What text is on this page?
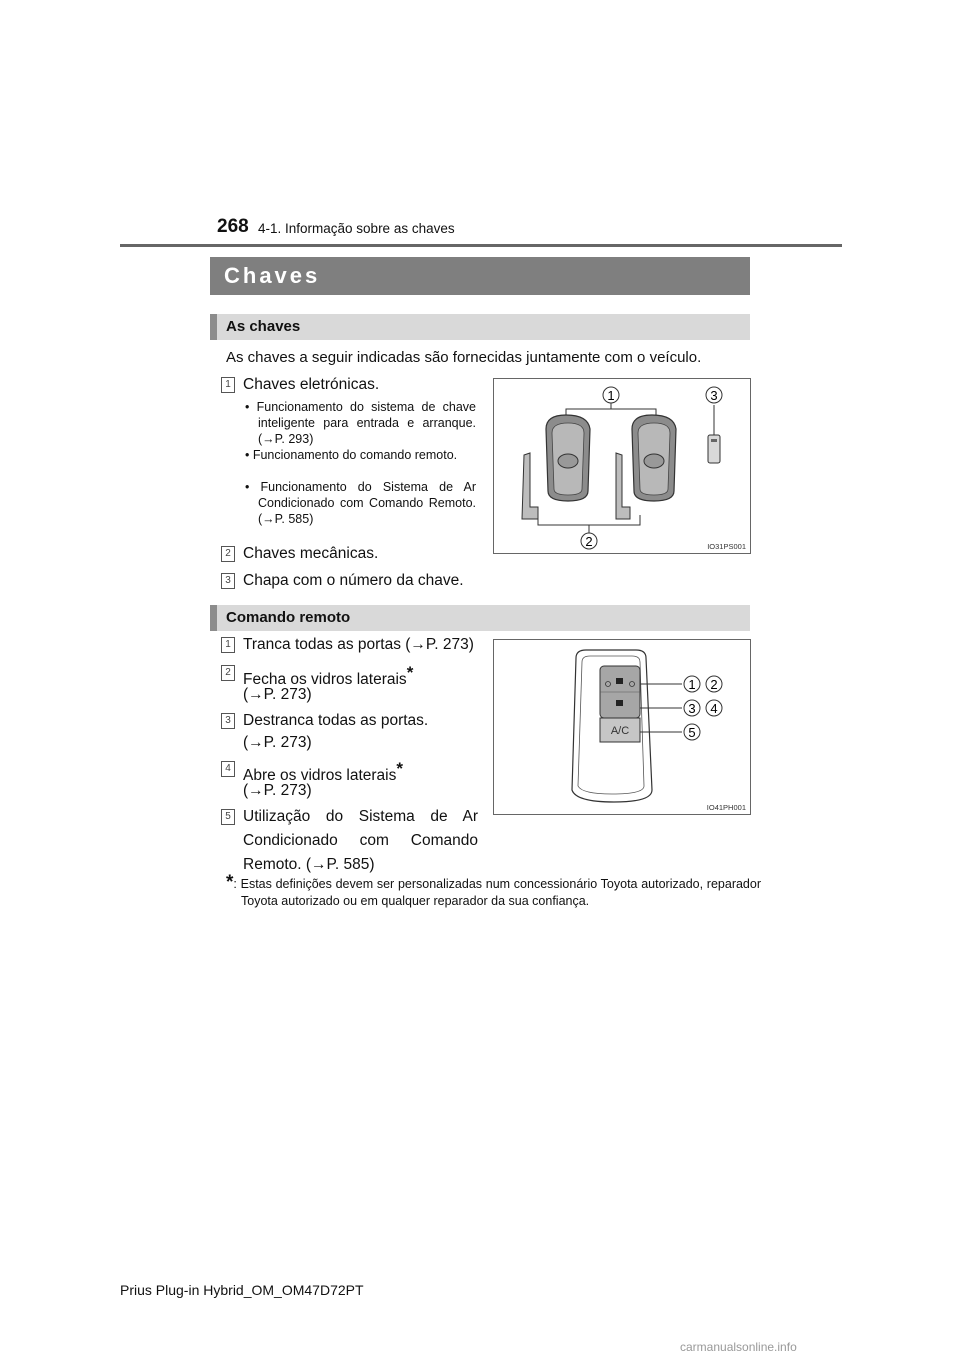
268 4-1. Informação sobre as chaves
Chaves
As chaves
As chaves a seguir indicadas são fornecidas juntamente com o veículo.
1 Chaves eletrónicas.
• Funcionamento do sistema de chave inteligente para entrada e arranque. (→P. 293)
• Funcionamento do comando remoto.
• Funcionamento do Sistema de Ar Condicionado com Comando Remoto. (→P. 585)
2 Chaves mecânicas.
3 Chapa com o número da chave.
1	3
2	IO31PS001
Comando remoto
1 Tranca todas as portas (→P. 273)
2 Fecha os vidros laterais*
(→P. 273)
3 Destranca todas as portas.
(→P. 273)
4 Abre os vidros laterais*
(→P. 273)
5 Utilização do Sistema de Ar Condicionado com Comando Remoto. (→P. 585)
A/C
1 2
3 4
5
IO41PH001
*: Estas definições devem ser personalizadas num concessionário Toyota autorizado, reparador Toyota autorizado ou em qualquer reparador da sua confiança.
Prius Plug-in Hybrid_OM_OM47D72PT
carmanualsonline.info
